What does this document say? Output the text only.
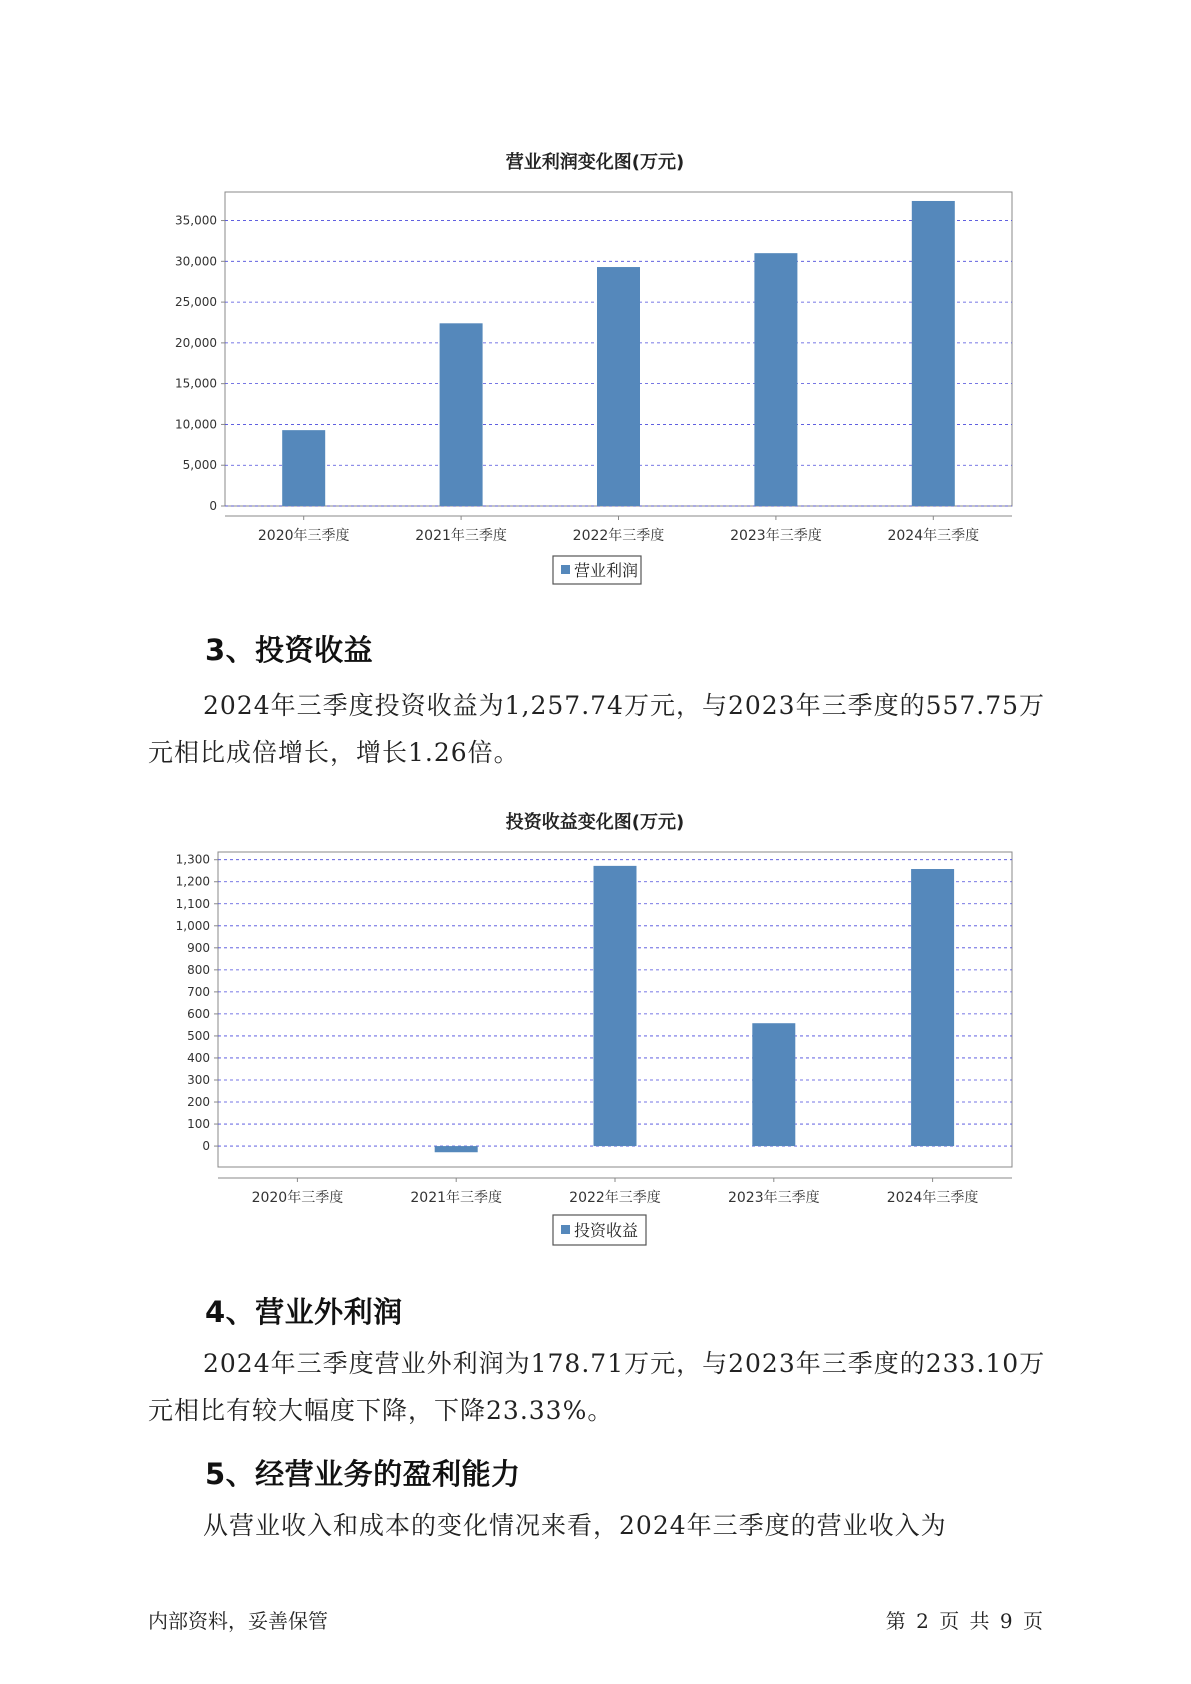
营业利润变化图(万元)
0
5,000
10,000
15,000
20,000
25,000
30,000
35,000
2020年三季度	2021年三季度	2022年三季度	2023年三季度	2024年三季度
营业利润
3、投资收益

2024年三季度投资收益为1,257.74万元，与2023年三季度的557.75万
元相比成倍增长，增长1.26倍。

投资收益变化图(万元)
0
100
200
300
400
500
600
700
800
900
1,000
1,100
1,200
1,300
2020年三季度	2021年三季度	2022年三季度	2023年三季度	2024年三季度
投资收益
4、营业外利润

2024年三季度营业外利润为178.71万元，与2023年三季度的233.10万
元相比有较大幅度下降，下降23.33%。

5、经营业务的盈利能力

从营业收入和成本的变化情况来看，2024年三季度的营业收入为

内部资料，妥善保管	第 2 页 共 9 页
